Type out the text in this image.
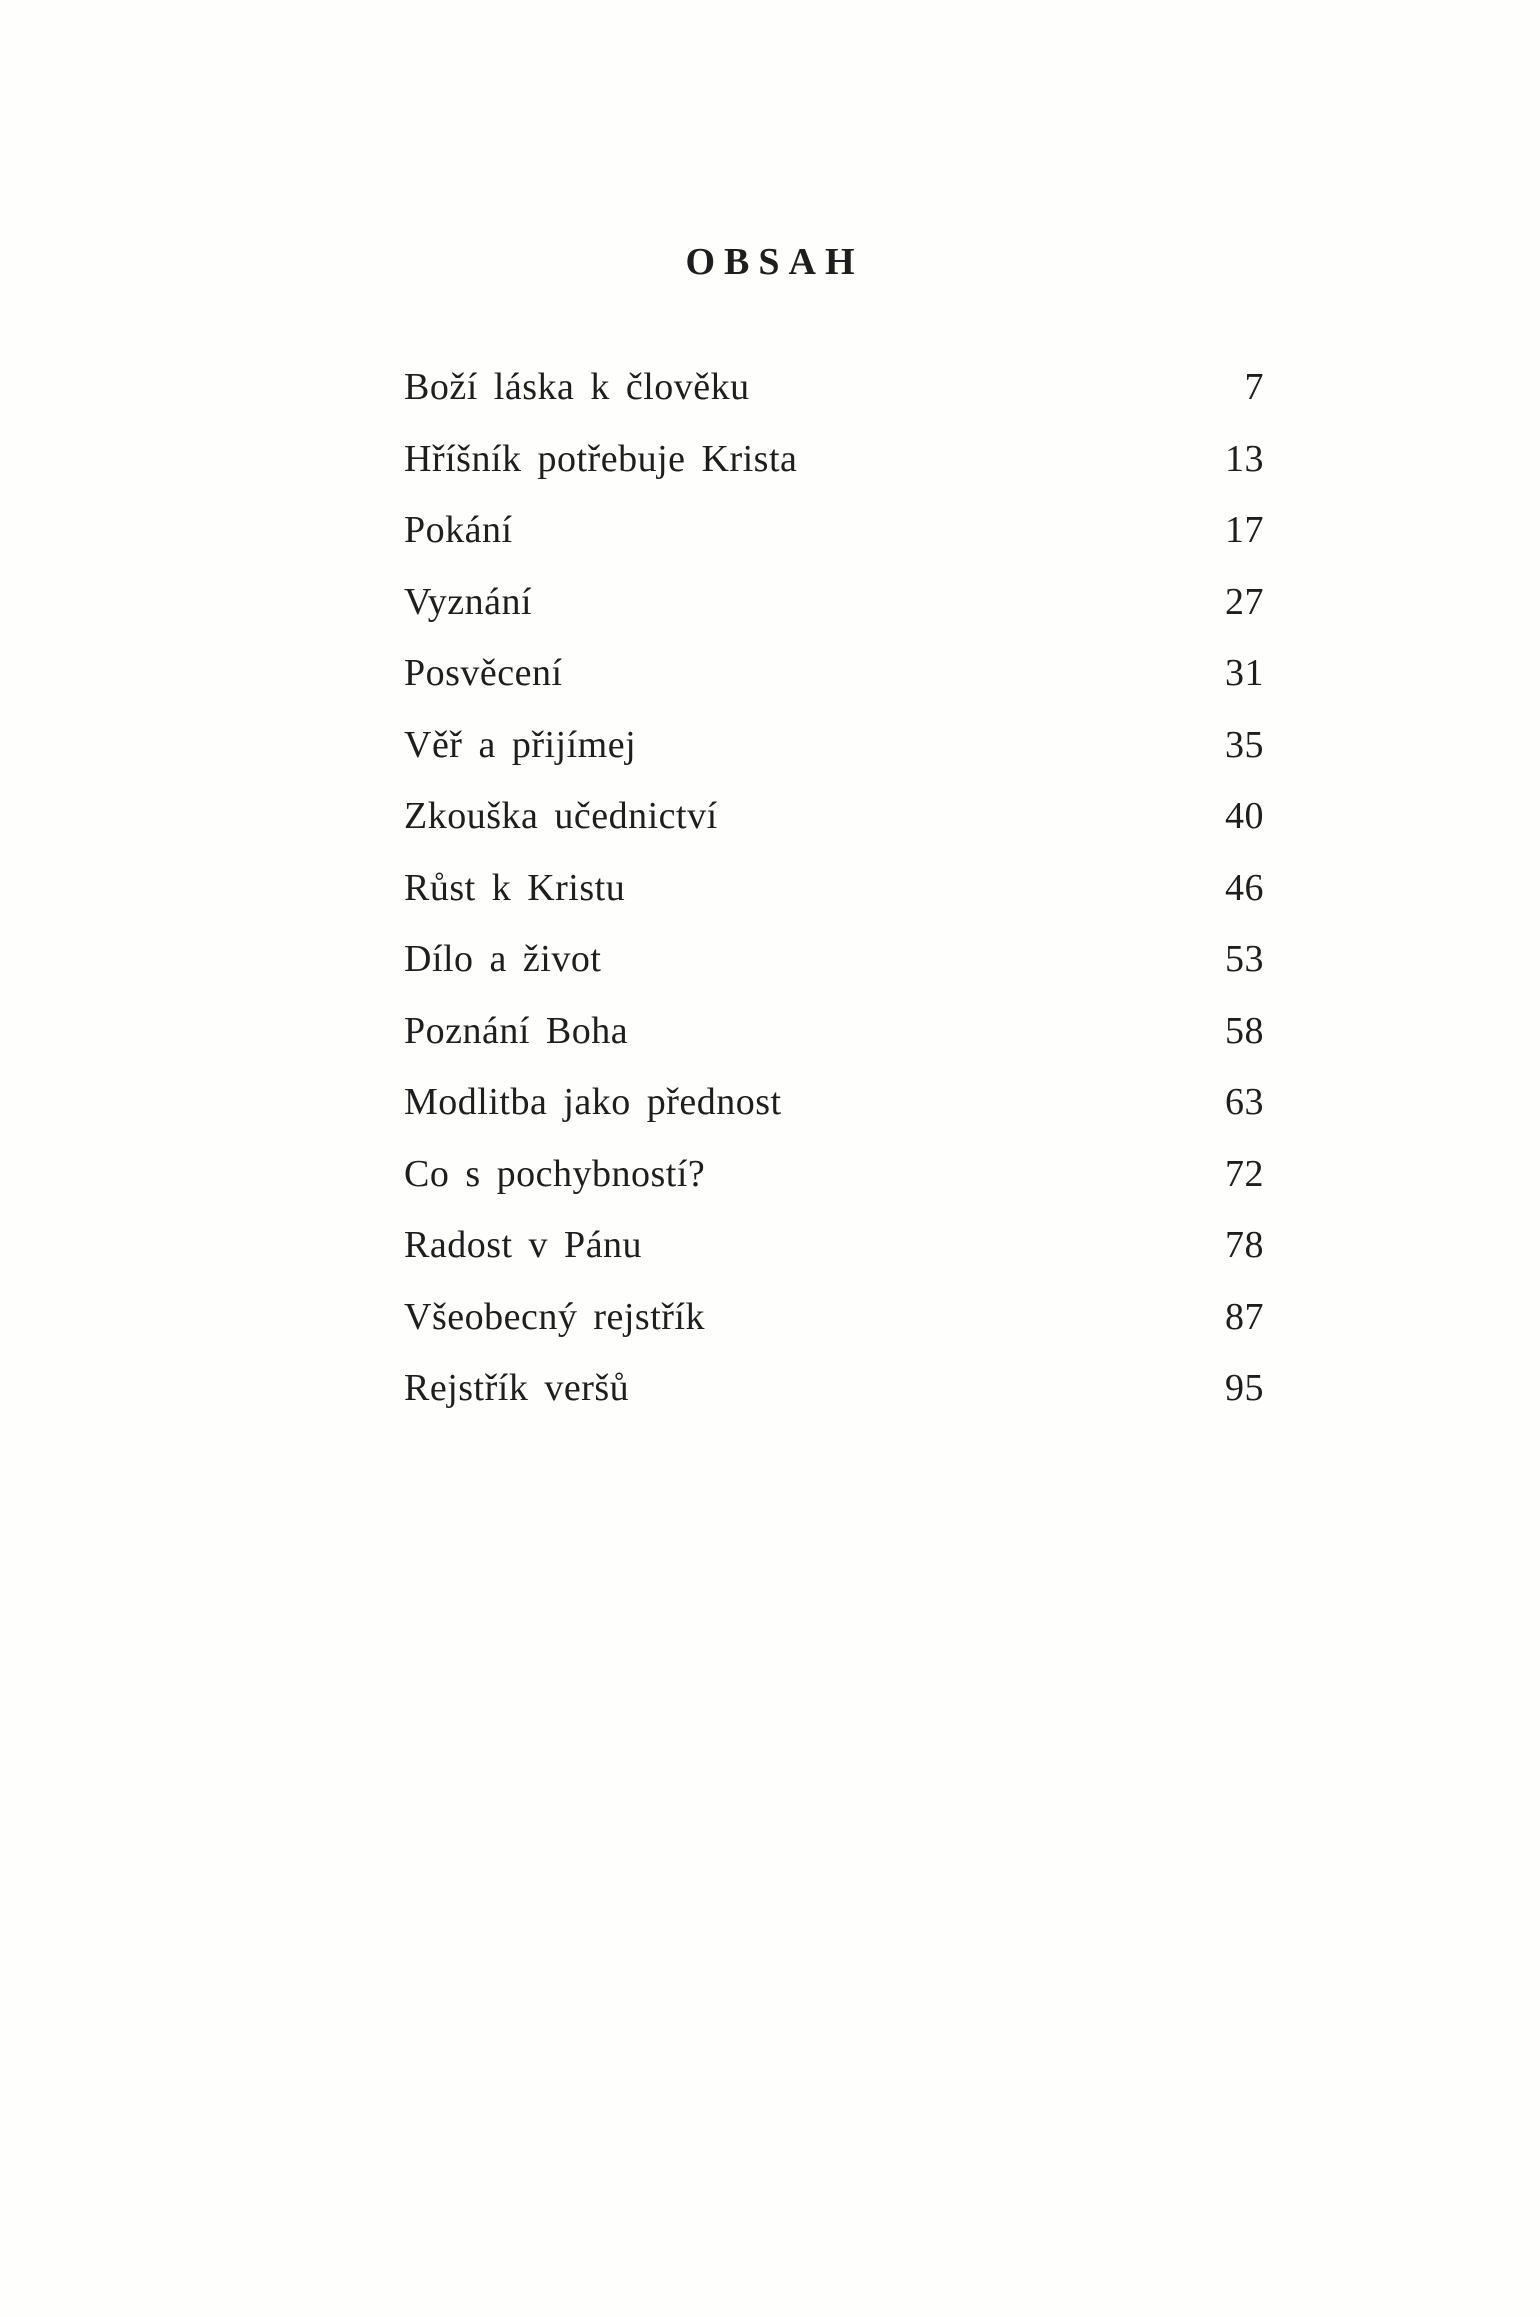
OBSAH
Boží láska k člověku	7
Hříšník potřebuje Krista	13
Pokání	17
Vyznání	27
Posvěcení	31
Věř a přijímej	35
Zkouška učednictví	40
Růst k Kristu	46
Dílo a život	53
Poznání Boha	58
Modlitba jako přednost	63
Co s pochybností?	72
Radost v Pánu	78
Všeobecný rejstřík	87
Rejstřík veršů	95
